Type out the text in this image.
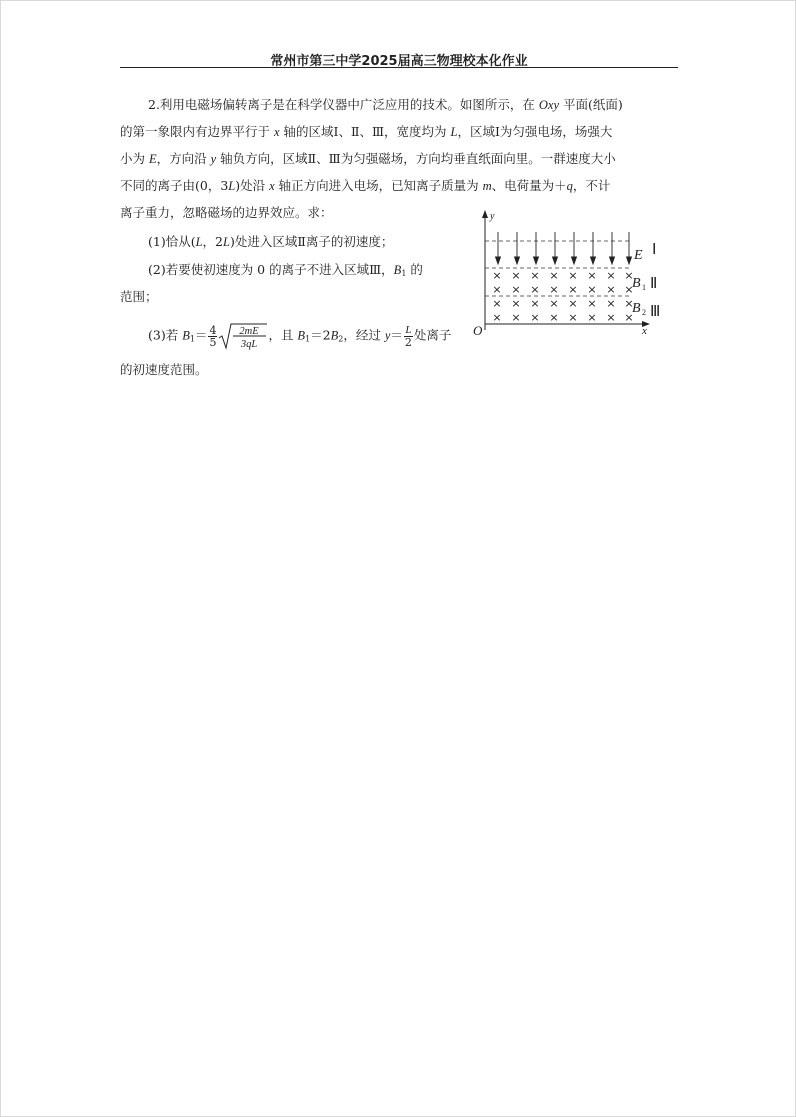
常州市第三中学2025届高三物理校本化作业
2.利用电磁场偏转离子是在科学仪器中广泛应用的技术。如图所示，在 Oxy 平面(纸面)
的第一象限内有边界平行于 x 轴的区域Ⅰ、Ⅱ、Ⅲ，宽度均为 L，区域Ⅰ为匀强电场，场强大
小为 E，方向沿 y 轴负方向，区域Ⅱ、Ⅲ为匀强磁场，方向均垂直纸面向里。一群速度大小
不同的离子由(0，3L)处沿 x 轴正方向进入电场，已知离子质量为 m、电荷量为＋q，不计
离子重力，忽略磁场的边界效应。求：
(1)恰从(L，2L)处进入区域Ⅱ离子的初速度；
(2)若要使初速度为 0 的离子不进入区域Ⅲ，$B_1$ 的
范围；
(3)若 $B_1= \frac{4}{5} 2mE$
3qL
，且 $B_1=2B_2$，经过 $y= \frac{L}{2}$ 处离子
的初速度范围。
y
x
O
× × × × × × × ×
× × × × × × × ×
× × × × × × × ×
× × × × × × × ×
E Ⅰ
B 1 Ⅱ
B 2 Ⅲ
